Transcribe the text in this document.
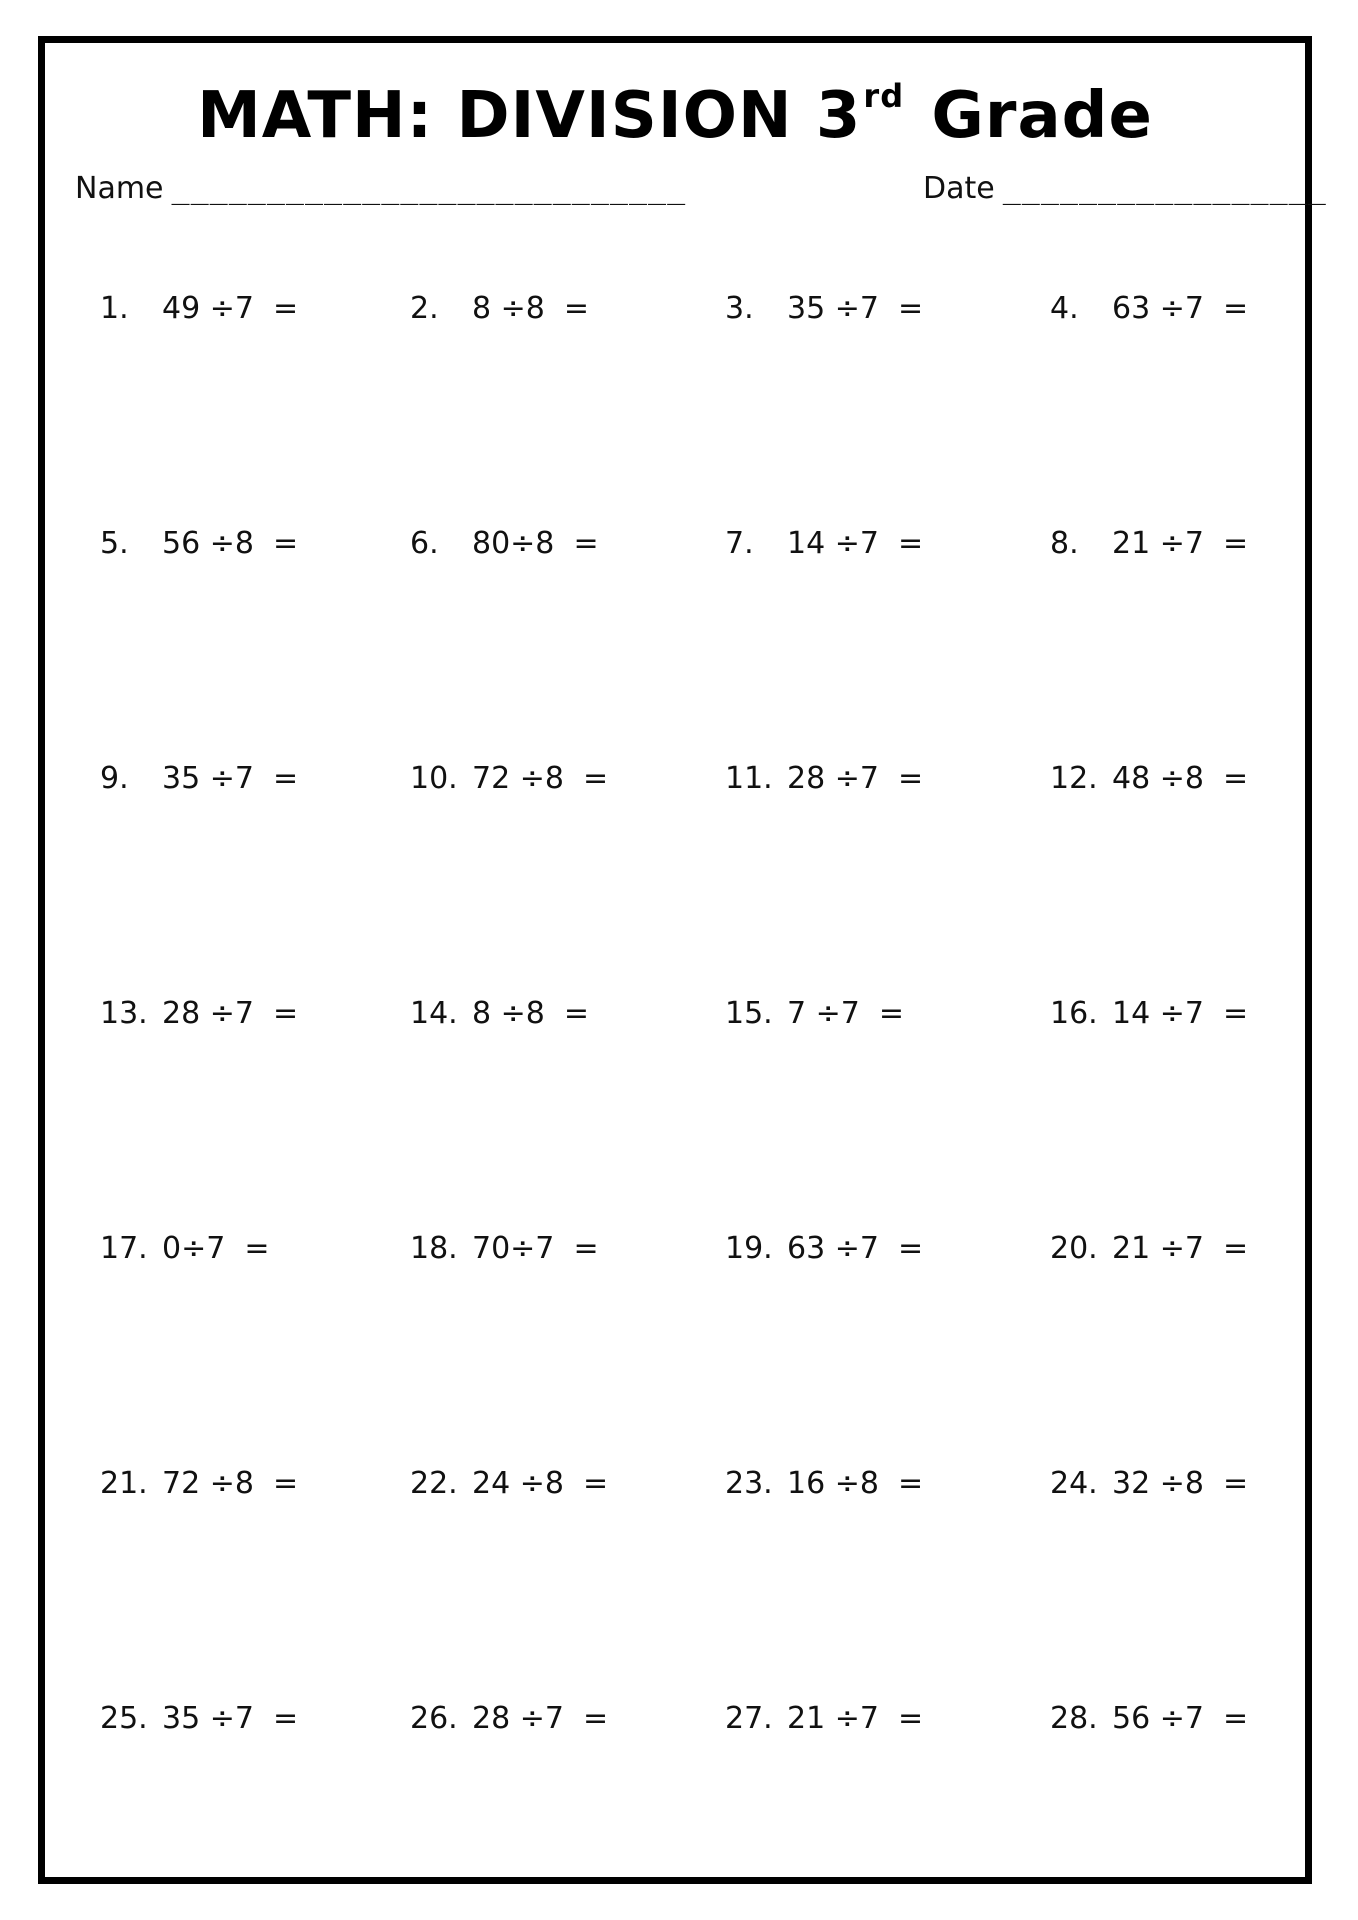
MATH: DIVISION 3rd Grade
Name ___________________________	Date _________________
1.	49 ÷7  =	2.	8 ÷8  =	3.	35 ÷7  =	4.	63 ÷7  =
5.	56 ÷8  =	6.	80÷8  =	7.	14 ÷7  =	8.	21 ÷7  =
9.	35 ÷7  =	10. 72 ÷8  =	11. 28 ÷7  =	12. 48 ÷8  =
13. 28 ÷7  =	14. 8 ÷8  =	15. 7 ÷7  =	16. 14 ÷7  =
17. 0÷7  =	18. 70÷7  =	19. 63 ÷7  =	20. 21 ÷7  =
21. 72 ÷8  =	22. 24 ÷8  =	23. 16 ÷8  =	24. 32 ÷8  =
25. 35 ÷7  =	26. 28 ÷7  =	27. 21 ÷7  =	28. 56 ÷7  =
